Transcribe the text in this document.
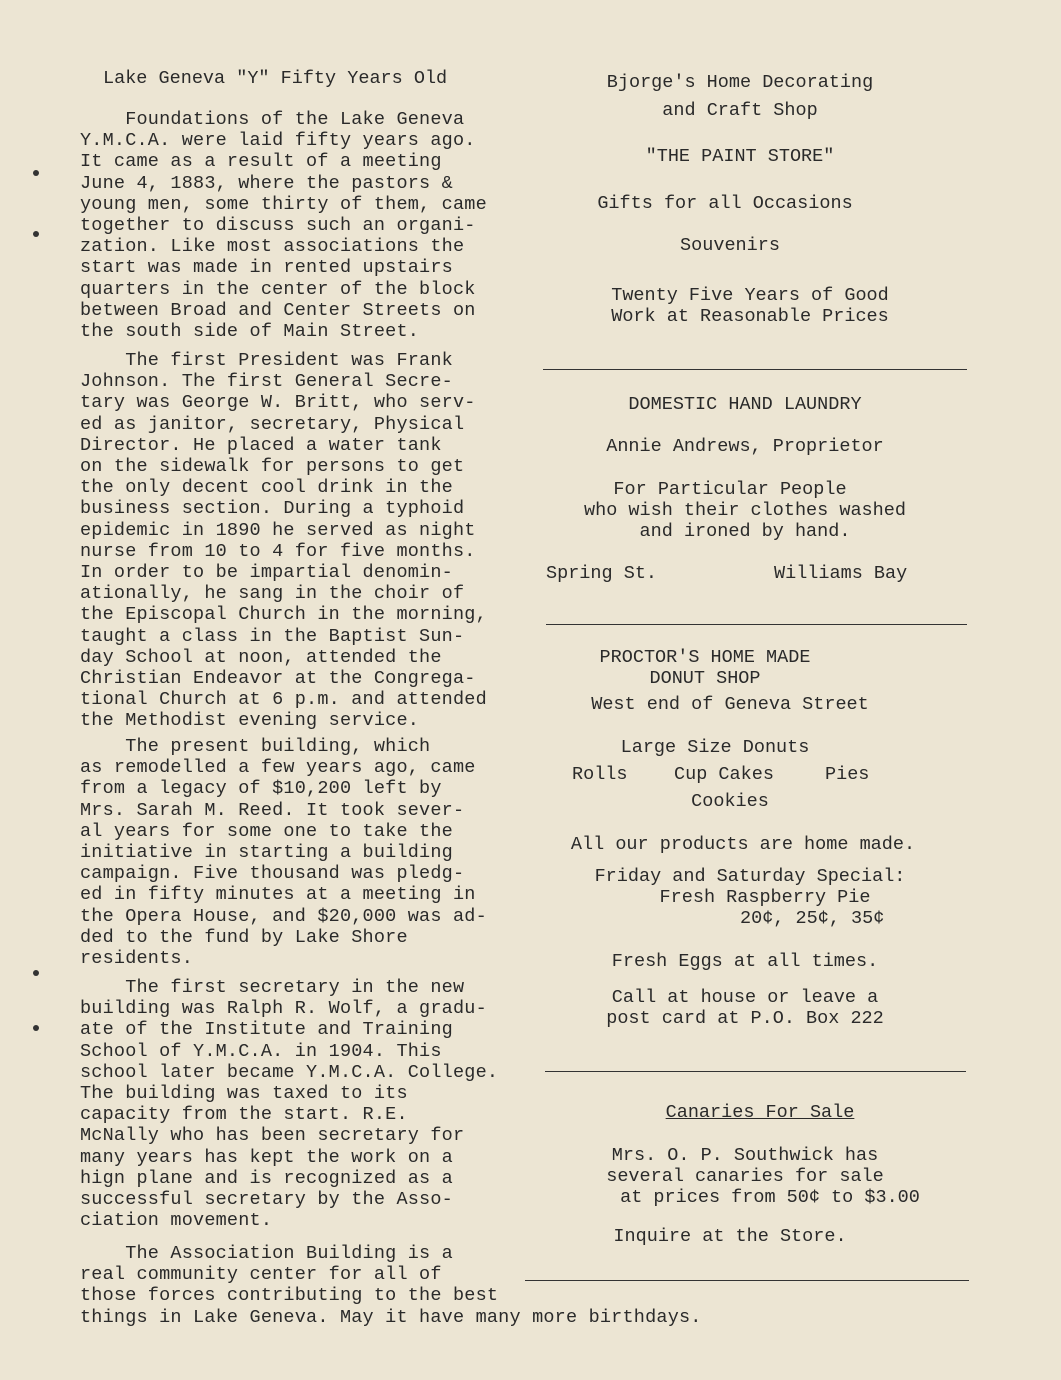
Lake Geneva "Y" Fifty Years Old

Foundations of the Lake Geneva
Y.M.C.A. were laid fifty years ago.
It came as a result of a meeting
June 4, 1883, where the pastors &
young men, some thirty of them, came
together to discuss such an organi-
zation. Like most associations the
start was made in rented upstairs
quarters in the center of the block
between Broad and Center Streets on
the south side of Main Street.

The first President was Frank
Johnson. The first General Secre-
tary was George W. Britt, who serv-
ed as janitor, secretary, Physical
Director. He placed a water tank
on the sidewalk for persons to get
the only decent cool drink in the
business section. During a typhoid
epidemic in 1890 he served as night
nurse from 10 to 4 for five months.
In order to be impartial denomin-
ationally, he sang in the choir of
the Episcopal Church in the morning,
taught a class in the Baptist Sun-
day School at noon, attended the
Christian Endeavor at the Congrega-
tional Church at 6 p.m. and attended
the Methodist evening service.

The present building, which
as remodelled a few years ago, came
from a legacy of $10,200 left by
Mrs. Sarah M. Reed. It took sever-
al years for some one to take the
initiative in starting a building
campaign. Five thousand was pledg-
ed in fifty minutes at a meeting in
the Opera House, and $20,000 was ad-
ded to the fund by Lake Shore
residents.

The first secretary in the new
building was Ralph R. Wolf, a gradu-
ate of the Institute and Training
School of Y.M.C.A. in 1904. This
school later became Y.M.C.A. College.
The building was taxed to its
capacity from the start. R.E.
McNally who has been secretary for
many years has kept the work on a
hign plane and is recognized as a
successful secretary by the Asso-
ciation movement.

The Association Building is a
real community center for all of
those forces contributing to the best
things in Lake Geneva. May it have many more birthdays.

Bjorge's Home Decorating
and Craft Shop
"THE PAINT STORE"
Gifts for all Occasions
Souvenirs
Twenty Five Years of Good
Work at Reasonable Prices
DOMESTIC HAND LAUNDRY
Annie Andrews, Proprietor
For Particular People
who wish their clothes washed
and ironed by hand.
Spring St.	Williams Bay
PROCTOR'S HOME MADE
DONUT SHOP
West end of Geneva Street
Large Size Donuts
Rolls	Cup Cakes	Pies
Cookies
All our products are home made.
Friday and Saturday Special:
Fresh Raspberry Pie
20¢, 25¢, 35¢
Fresh Eggs at all times.
Call at house or leave a
post card at P.O. Box 222
Canaries For Sale
Mrs. O. P. Southwick has
several canaries for sale
at prices from 50¢ to $3.00
Inquire at the Store.
